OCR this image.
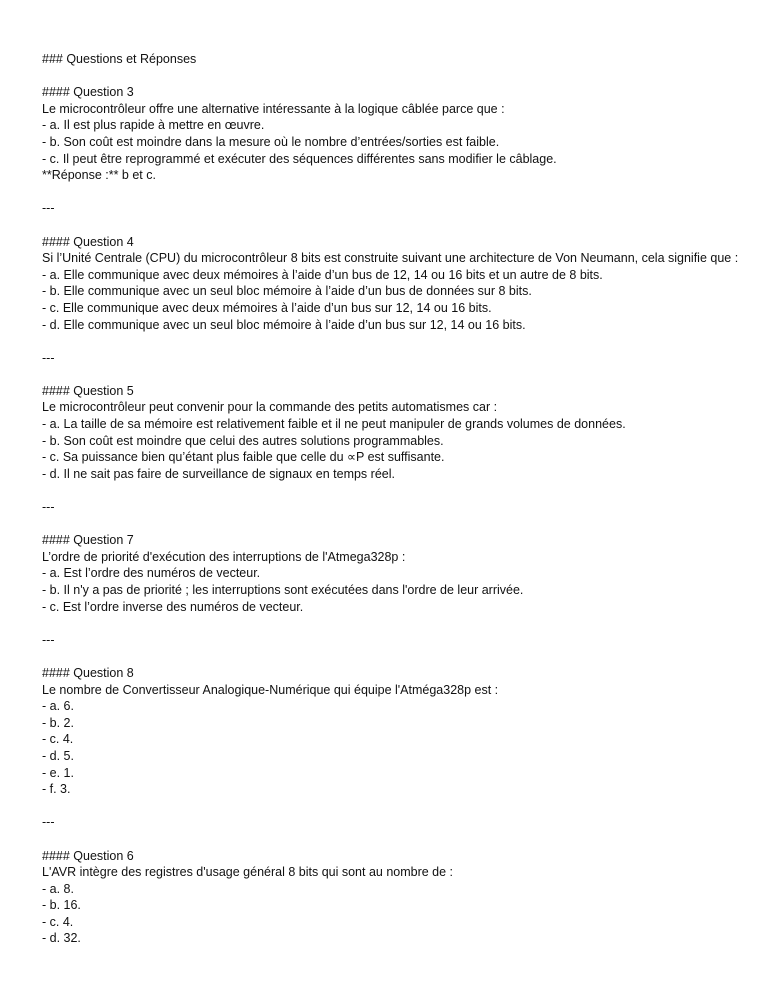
### Questions et Réponses
#### Question 3
Le microcontrôleur offre une alternative intéressante à la logique câblée parce que :
- a. Il est plus rapide à mettre en œuvre.
- b. Son coût est moindre dans la mesure où le nombre d’entrées/sorties est faible.
- c. Il peut être reprogrammé et exécuter des séquences différentes sans modifier le câblage.
**Réponse :** b et c.
---
#### Question 4
Si l’Unité Centrale (CPU) du microcontrôleur 8 bits est construite suivant une architecture de Von Neumann, cela signifie que :
- a. Elle communique avec deux mémoires à l’aide d’un bus de 12, 14 ou 16 bits et un autre de 8 bits.
- b. Elle communique avec un seul bloc mémoire à l’aide d’un bus de données sur 8 bits.
- c. Elle communique avec deux mémoires à l’aide d’un bus sur 12, 14 ou 16 bits.
- d. Elle communique avec un seul bloc mémoire à l’aide d’un bus sur 12, 14 ou 16 bits.
---
#### Question 5
Le microcontrôleur peut convenir pour la commande des petits automatismes car :
- a. La taille de sa mémoire est relativement faible et il ne peut manipuler de grands volumes de données.
- b. Son coût est moindre que celui des autres solutions programmables.
- c. Sa puissance bien qu’étant plus faible que celle du ∝P est suffisante.
- d. Il ne sait pas faire de surveillance de signaux en temps réel.
---
#### Question 7
L’ordre de priorité d'exécution des interruptions de l'Atmega328p :
- a. Est l’ordre des numéros de vecteur.
- b. Il n'y a pas de priorité ; les interruptions sont exécutées dans l'ordre de leur arrivée.
- c. Est l’ordre inverse des numéros de vecteur.
---
#### Question 8
Le nombre de Convertisseur Analogique-Numérique qui équipe l'Atméga328p est :
- a. 6.
- b. 2.
- c. 4.
- d. 5.
- e. 1.
- f. 3.
---
#### Question 6
L'AVR intègre des registres d'usage général 8 bits qui sont au nombre de :
- a. 8.
- b. 16.
- c. 4.
- d. 32.
